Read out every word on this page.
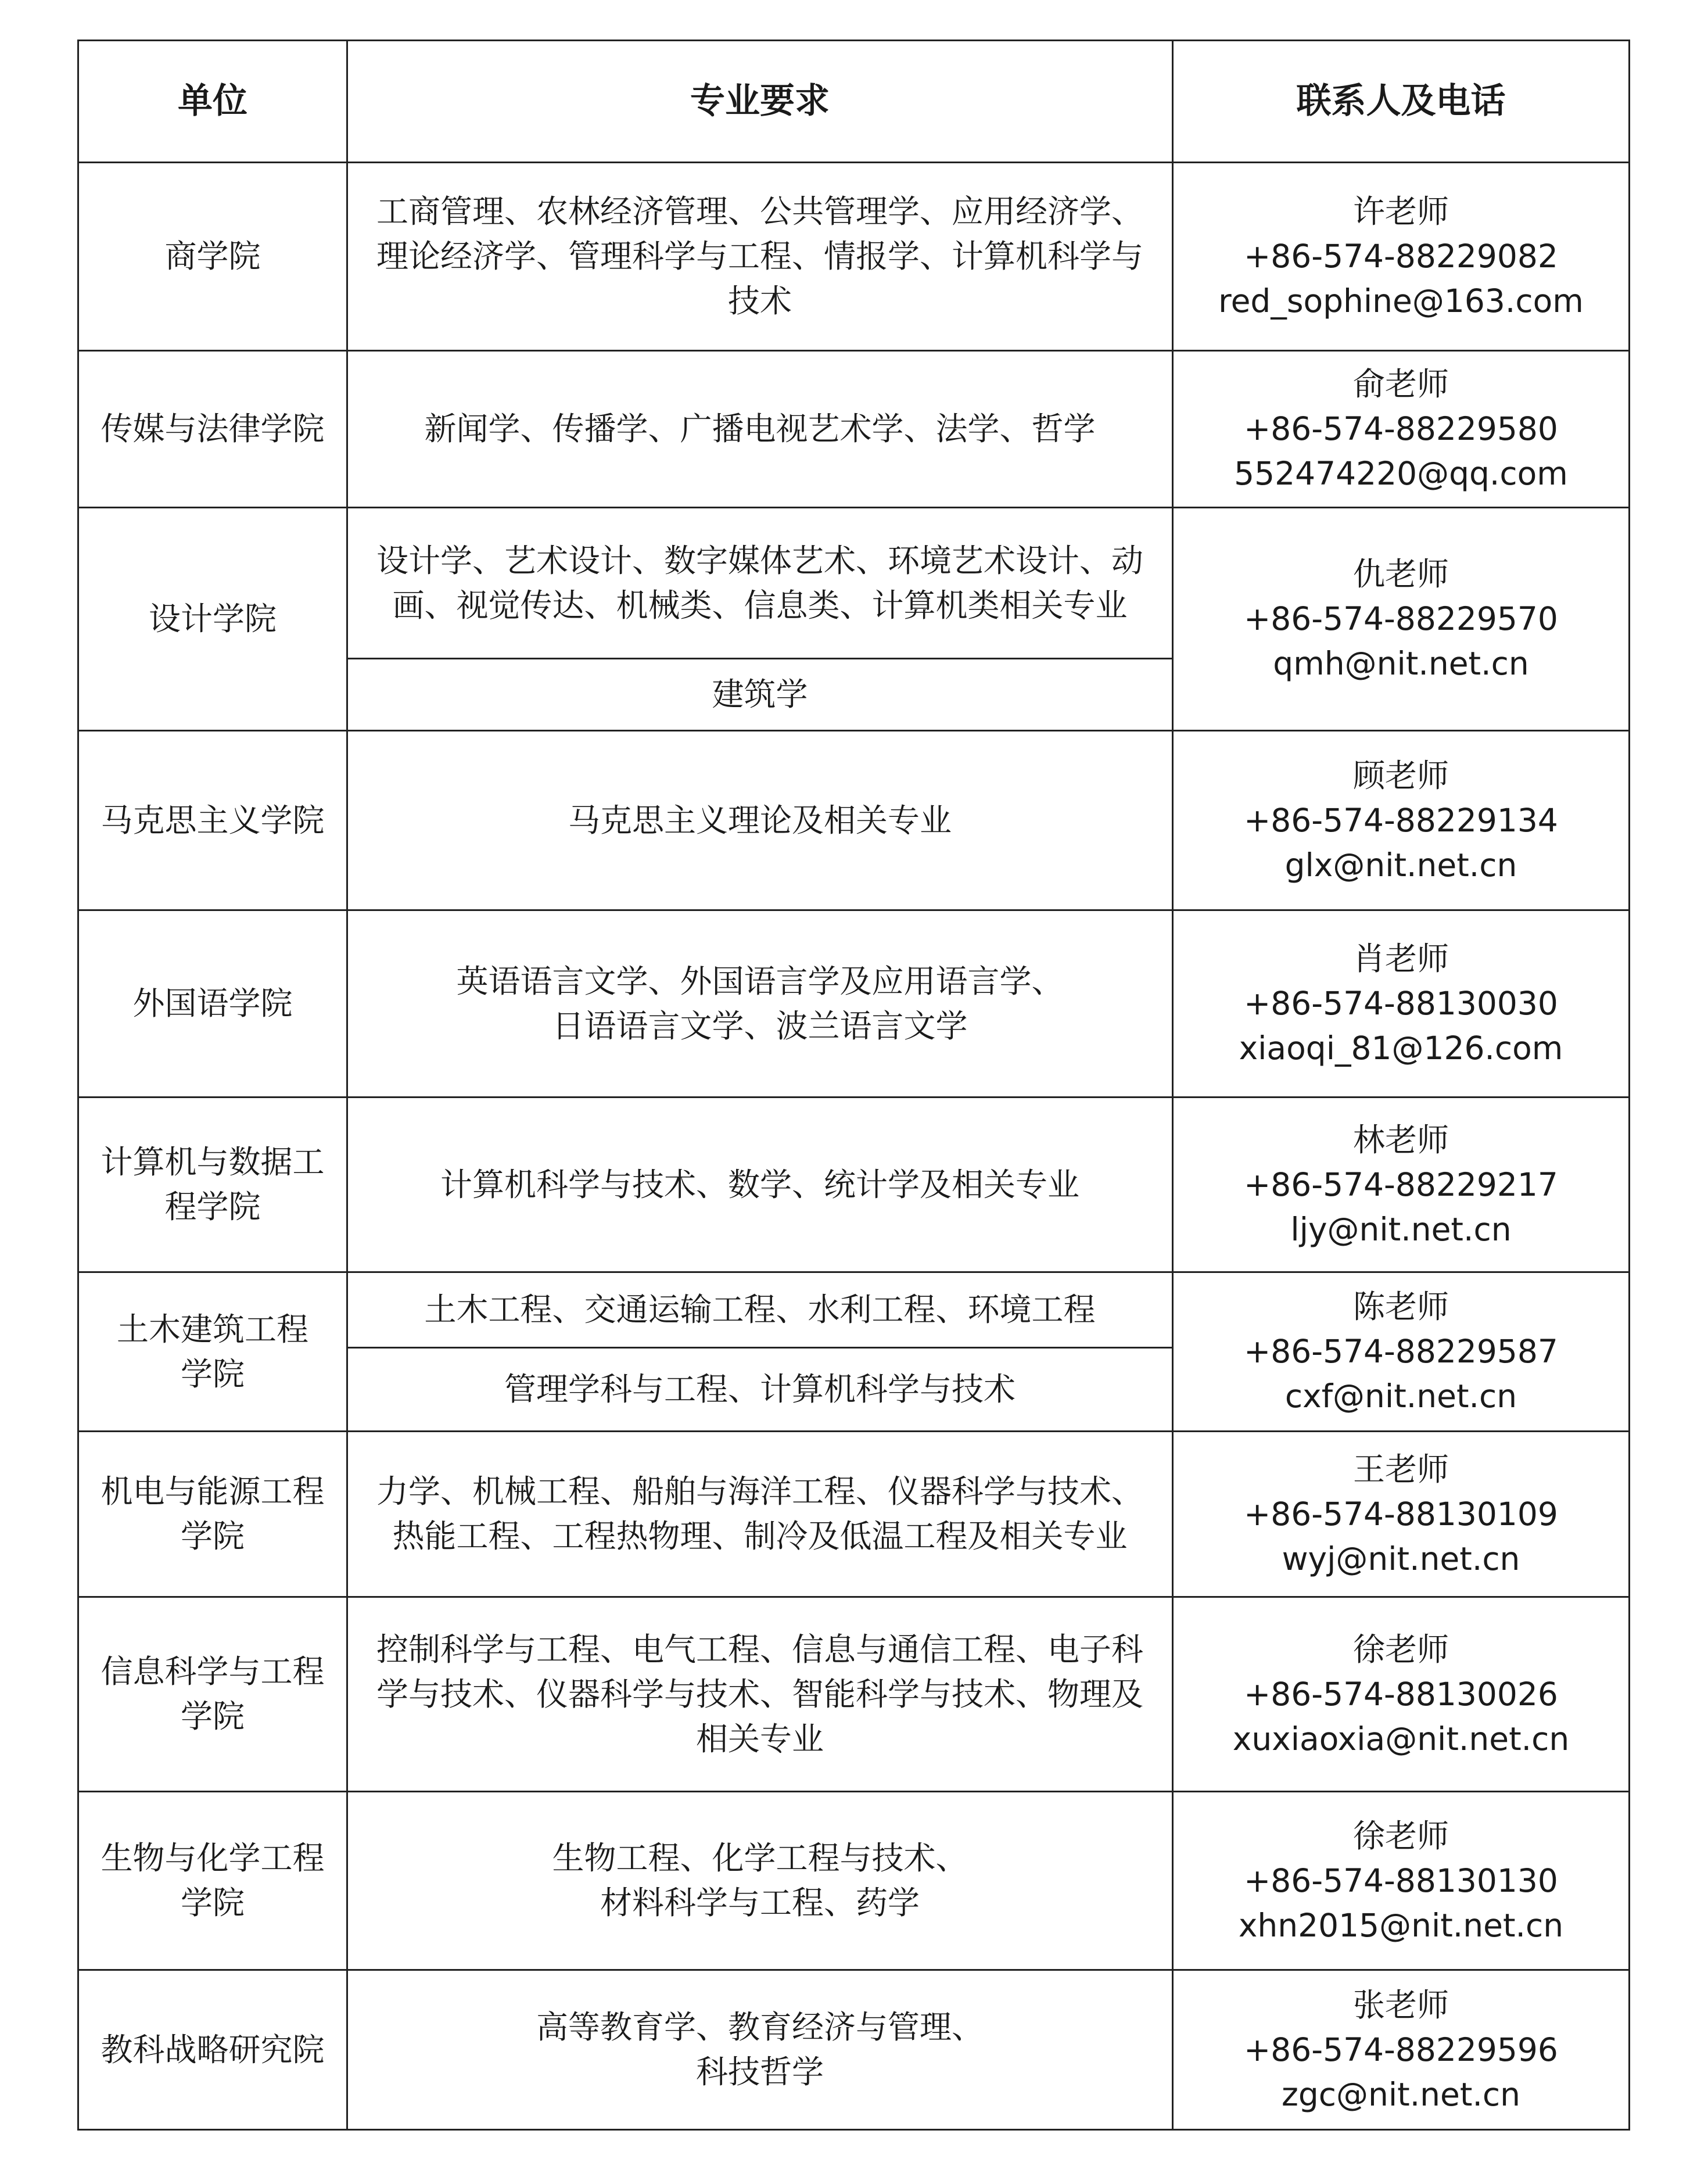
单位	专业要求	联系人及电话

商学院	工商管理、农林经济管理、公共管理学、应用经济学、
理论经济学、管理科学与工程、情报学、计算机科学与
技术	许老师
+86-574-88229082
red_sophine@163.com

传媒与法律学院	新闻学、传播学、广播电视艺术学、法学、哲学	俞老师
+86-574-88229580
552474220@qq.com

设计学院	设计学、艺术设计、数字媒体艺术、环境艺术设计、动
画、视觉传达、机械类、信息类、计算机类相关专业	仇老师
+86-574-88229570
qmh@nit.net.cn

	建筑学	

马克思主义学院	马克思主义理论及相关专业	顾老师
+86-574-88229134
glx@nit.net.cn

外国语学院	英语语言文学、外国语言学及应用语言学、
日语语言文学、波兰语言文学	肖老师
+86-574-88130030
xiaoqi_81@126.com

计算机与数据工
程学院	计算机科学与技术、数学、统计学及相关专业	林老师
+86-574-88229217
ljy@nit.net.cn

土木建筑工程
学院	土木工程、交通运输工程、水利工程、环境工程	陈老师
+86-574-88229587
cxf@nit.net.cn

	管理学科与工程、计算机科学与技术	

机电与能源工程
学院	力学、机械工程、船舶与海洋工程、仪器科学与技术、
热能工程、工程热物理、制冷及低温工程及相关专业	王老师
+86-574-88130109
wyj@nit.net.cn

信息科学与工程
学院	控制科学与工程、电气工程、信息与通信工程、电子科
学与技术、仪器科学与技术、智能科学与技术、物理及
相关专业	徐老师
+86-574-88130026
xuxiaoxia@nit.net.cn

生物与化学工程
学院	生物工程、化学工程与技术、
材料科学与工程、药学	徐老师
+86-574-88130130
xhn2015@nit.net.cn

教科战略研究院	高等教育学、教育经济与管理、
科技哲学	张老师
+86-574-88229596
zgc@nit.net.cn
